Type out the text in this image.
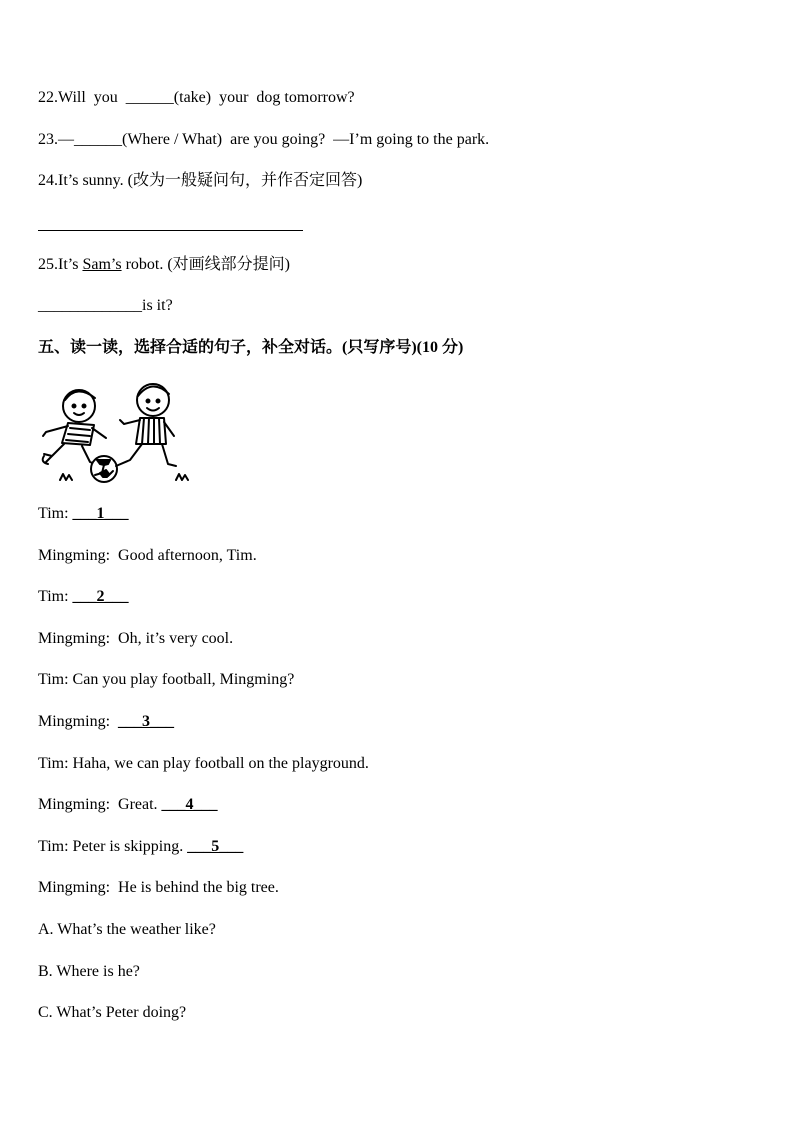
22.Will  you  ______(take)  your  dog tomorrow?
23.—______(Where / What)  are you going?  —I’m going to the park.
24.It’s sunny. (改为一般疑问句，并作否定回答)
25.It’s Sam’s robot. (对画线部分提问)
_____________is it?
五、读一读，选择合适的句子，补全对话。(只写序号)(10 分)
Tim: ___1___
Mingming: Good afternoon, Tim.
Tim: ___2___
Mingming: Oh, it’s very cool.
Tim: Can you play football, Mingming?
Mingming: ___3___
Tim: Haha, we can play football on the playground.
Mingming: Great. ___4___
Tim: Peter is skipping. ___5___
Mingming: He is behind the big tree.
A. What’s the weather like?
B. Where is he?
C. What’s Peter doing?
